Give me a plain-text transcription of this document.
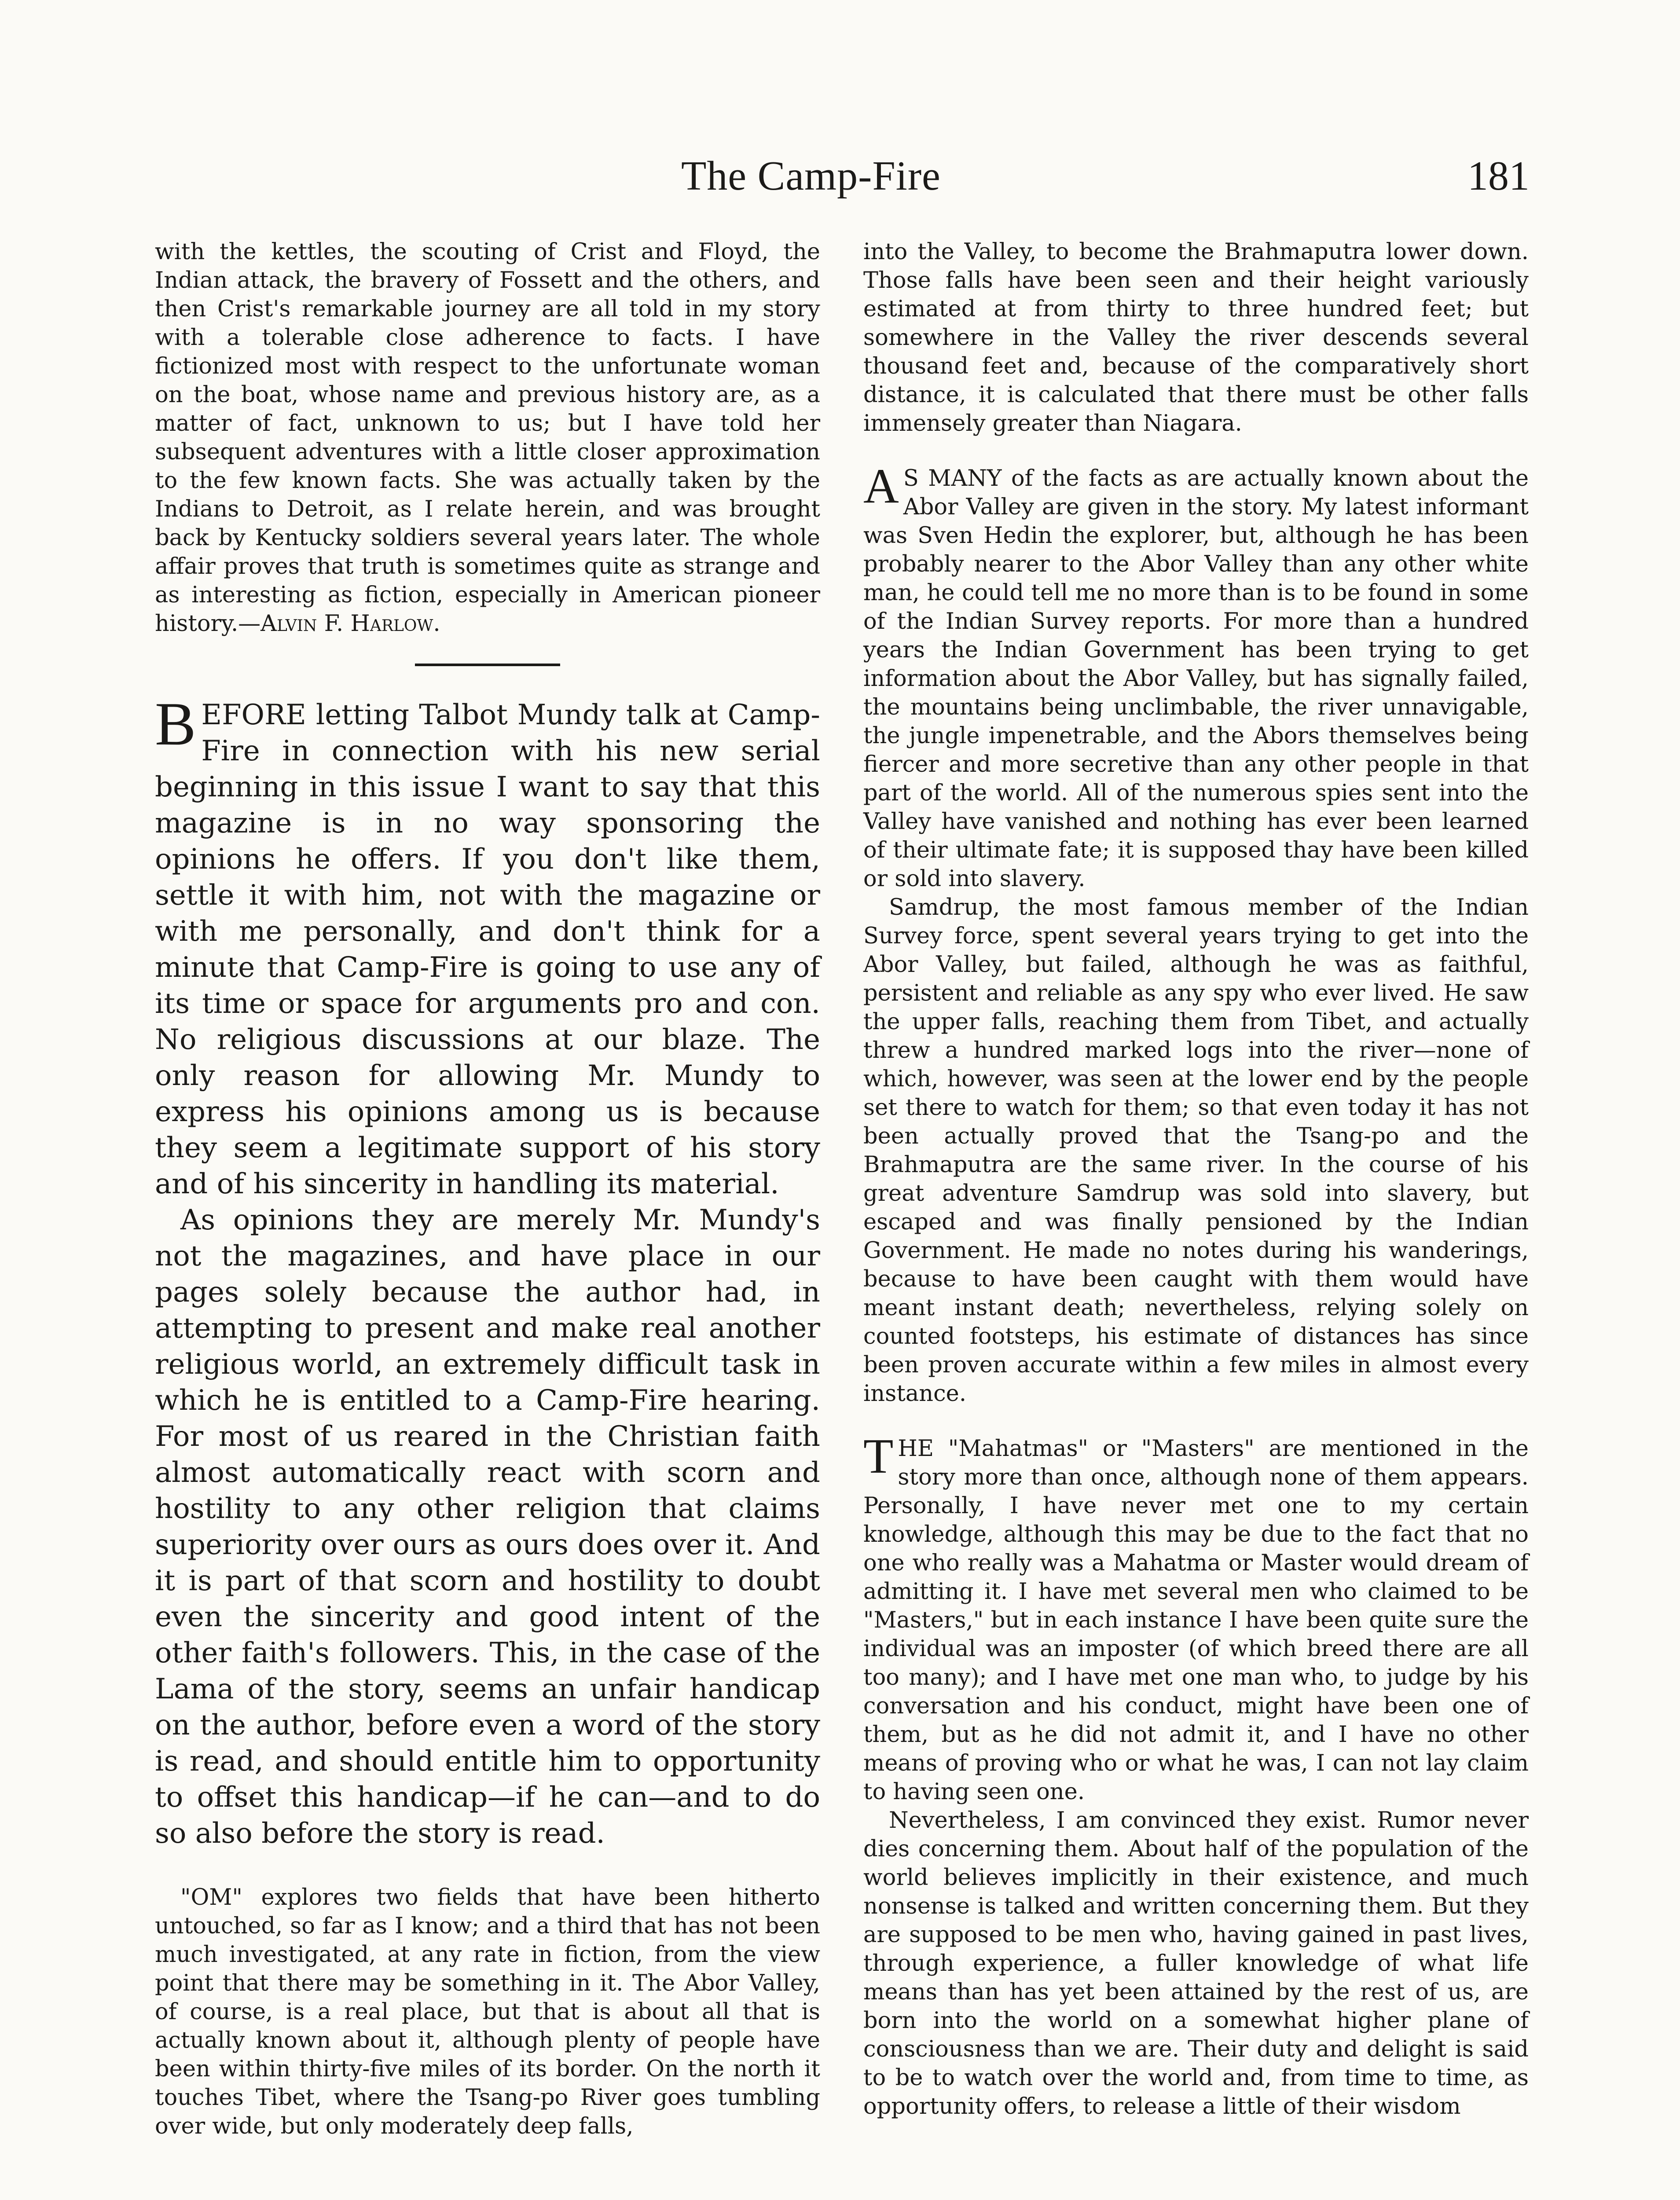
The Camp-Fire	181

with the kettles, the scouting of Crist and Floyd, the Indian attack, the bravery of Fossett and the others, and then Crist's remarkable journey are all told in my story with a tolerable close adherence to facts. I have fictionized most with respect to the unfortunate woman on the boat, whose name and previous history are, as a matter of fact, unknown to us; but I have told her subsequent adventures with a little closer approximation to the few known facts. She was actually taken by the Indians to Detroit, as I relate herein, and was brought back by Kentucky soldiers several years later. The whole affair proves that truth is sometimes quite as strange and as interesting as fiction, especially in American pioneer history.—Alvin F. Harlow.

BEFORE letting Talbot Mundy talk at Camp-Fire in connection with his new serial beginning in this issue I want to say that this magazine is in no way sponsoring the opinions he offers. If you don't like them, settle it with him, not with the magazine or with me personally, and don't think for a minute that Camp-Fire is going to use any of its time or space for arguments pro and con. No religious discussions at our blaze. The only reason for allowing Mr. Mundy to express his opinions among us is because they seem a legitimate support of his story and of his sincerity in handling its material.

As opinions they are merely Mr. Mundy's not the magazines, and have place in our pages solely because the author had, in attempting to present and make real another religious world, an extremely difficult task in which he is entitled to a Camp-Fire hearing. For most of us reared in the Christian faith almost automatically react with scorn and hostility to any other religion that claims superiority over ours as ours does over it. And it is part of that scorn and hostility to doubt even the sincerity and good intent of the other faith's followers. This, in the case of the Lama of the story, seems an unfair handicap on the author, before even a word of the story is read, and should entitle him to opportunity to offset this handicap—if he can—and to do so also before the story is read.

"OM" explores two fields that have been hitherto untouched, so far as I know; and a third that has not been much investigated, at any rate in fiction, from the view point that there may be something in it. The Abor Valley, of course, is a real place, but that is about all that is actually known about it, although plenty of people have been within thirty-five miles of its border. On the north it touches Tibet, where the Tsang-po River goes tumbling over wide, but only moderately deep falls,

into the Valley, to become the Brahmaputra lower down. Those falls have been seen and their height variously estimated at from thirty to three hundred feet; but somewhere in the Valley the river descends several thousand feet and, because of the comparatively short distance, it is calculated that there must be other falls immensely greater than Niagara.

A S MANY of the facts as are actually known about the Abor Valley are given in the story. My latest informant was Sven Hedin the explorer, but, although he has been probably nearer to the Abor Valley than any other white man, he could tell me no more than is to be found in some of the Indian Survey reports. For more than a hundred years the Indian Government has been trying to get information about the Abor Valley, but has signally failed, the mountains being unclimbable, the river unnavigable, the jungle impenetrable, and the Abors themselves being fiercer and more secretive than any other people in that part of the world. All of the numerous spies sent into the Valley have vanished and nothing has ever been learned of their ultimate fate; it is supposed thay have been killed or sold into slavery.

Samdrup, the most famous member of the Indian Survey force, spent several years trying to get into the Abor Valley, but failed, although he was as faithful, persistent and reliable as any spy who ever lived. He saw the upper falls, reaching them from Tibet, and actually threw a hundred marked logs into the river—none of which, however, was seen at the lower end by the people set there to watch for them; so that even today it has not been actually proved that the Tsang-po and the Brahmaputra are the same river. In the course of his great adventure Samdrup was sold into slavery, but escaped and was finally pensioned by the Indian Government. He made no notes during his wanderings, because to have been caught with them would have meant instant death; nevertheless, relying solely on counted footsteps, his estimate of distances has since been proven accurate within a few miles in almost every instance.

THE "Mahatmas" or "Masters" are mentioned in the story more than once, although none of them appears. Personally, I have never met one to my certain knowledge, although this may be due to the fact that no one who really was a Mahatma or Master would dream of admitting it. I have met several men who claimed to be "Masters," but in each instance I have been quite sure the individual was an imposter (of which breed there are all too many); and I have met one man who, to judge by his conversation and his conduct, might have been one of them, but as he did not admit it, and I have no other means of proving who or what he was, I can not lay claim to having seen one.

Nevertheless, I am convinced they exist. Rumor never dies concerning them. About half of the population of the world believes implicitly in their existence, and much nonsense is talked and written concerning them. But they are supposed to be men who, having gained in past lives, through experience, a fuller knowledge of what life means than has yet been attained by the rest of us, are born into the world on a somewhat higher plane of consciousness than we are. Their duty and delight is said to be to watch over the world and, from time to time, as opportunity offers, to release a little of their wisdom
